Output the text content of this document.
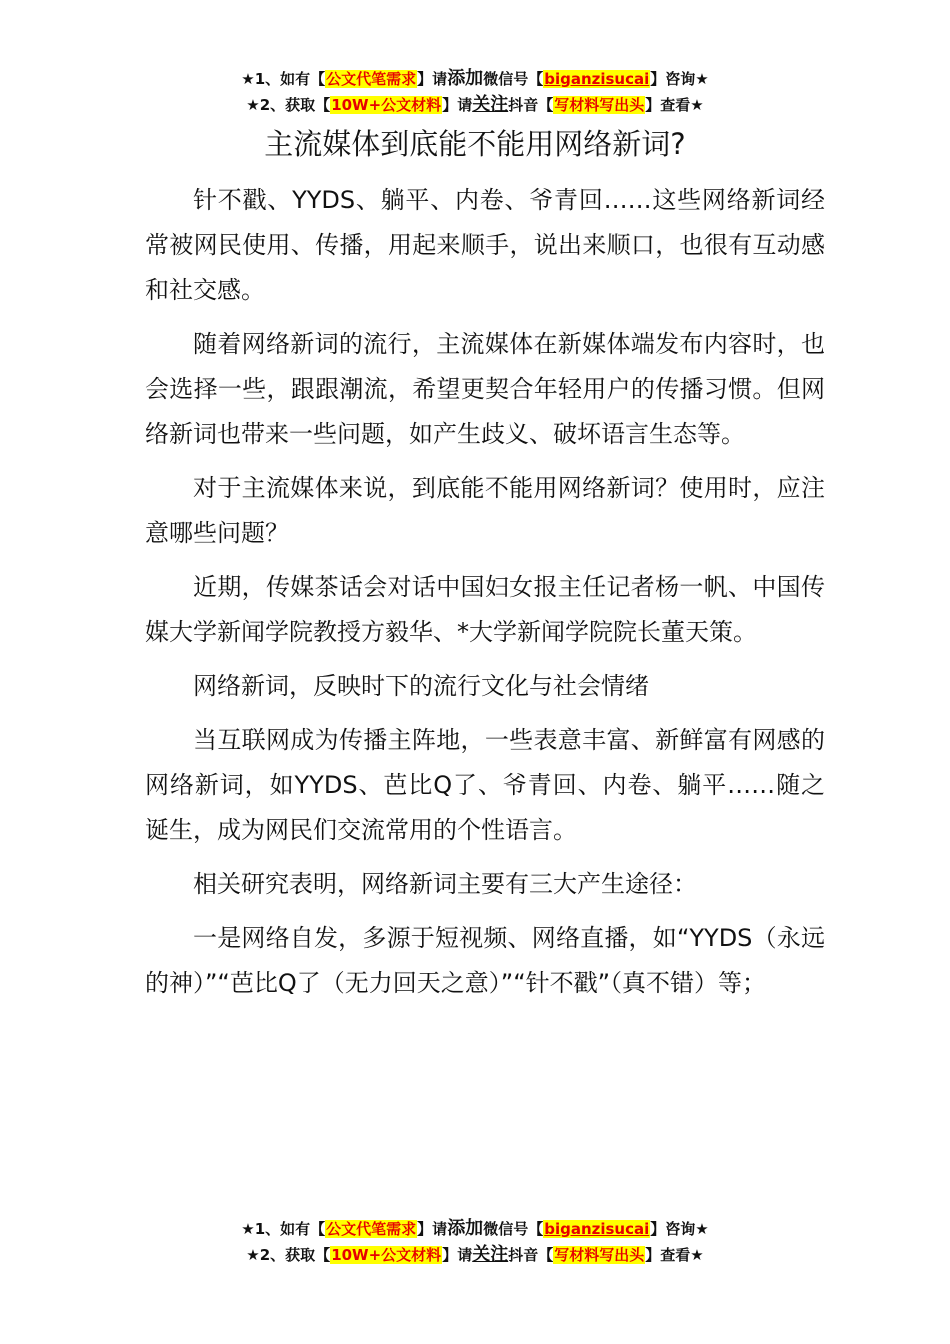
★1、如有【公文代笔需求】请添加微信号【biganzisucai】咨询★
★2、获取【10W+公文材料】请关注抖音【写材料写出头】查看★
主流媒体到底能不能用网络新词?

针不戳、YYDS、躺平、内卷、爷青回……这些网络新词经常被网民使用、传播，用起来顺手，说出来顺口，也很有互动感和社交感。

随着网络新词的流行，主流媒体在新媒体端发布内容时，也会选择一些，跟跟潮流，希望更契合年轻用户的传播习惯。但网络新词也带来一些问题，如产生歧义、破坏语言生态等。

对于主流媒体来说，到底能不能用网络新词？使用时，应注意哪些问题？

近期，传媒茶话会对话中国妇女报主任记者杨一帆、中国传媒大学新闻学院教授方毅华、*大学新闻学院院长董天策。

网络新词，反映时下的流行文化与社会情绪

当互联网成为传播主阵地，一些表意丰富、新鲜富有网感的网络新词，如YYDS、芭比Q了、爷青回、内卷、躺平……随之诞生，成为网民们交流常用的个性语言。

相关研究表明，网络新词主要有三大产生途径：

一是网络自发，多源于短视频、网络直播，如“YYDS（永远的神）”“芭比Q了（无力回天之意）”“针不戳”（真不错）等；

★1、如有【公文代笔需求】请添加微信号【biganzisucai】咨询★
★2、获取【10W+公文材料】请关注抖音【写材料写出头】查看★
